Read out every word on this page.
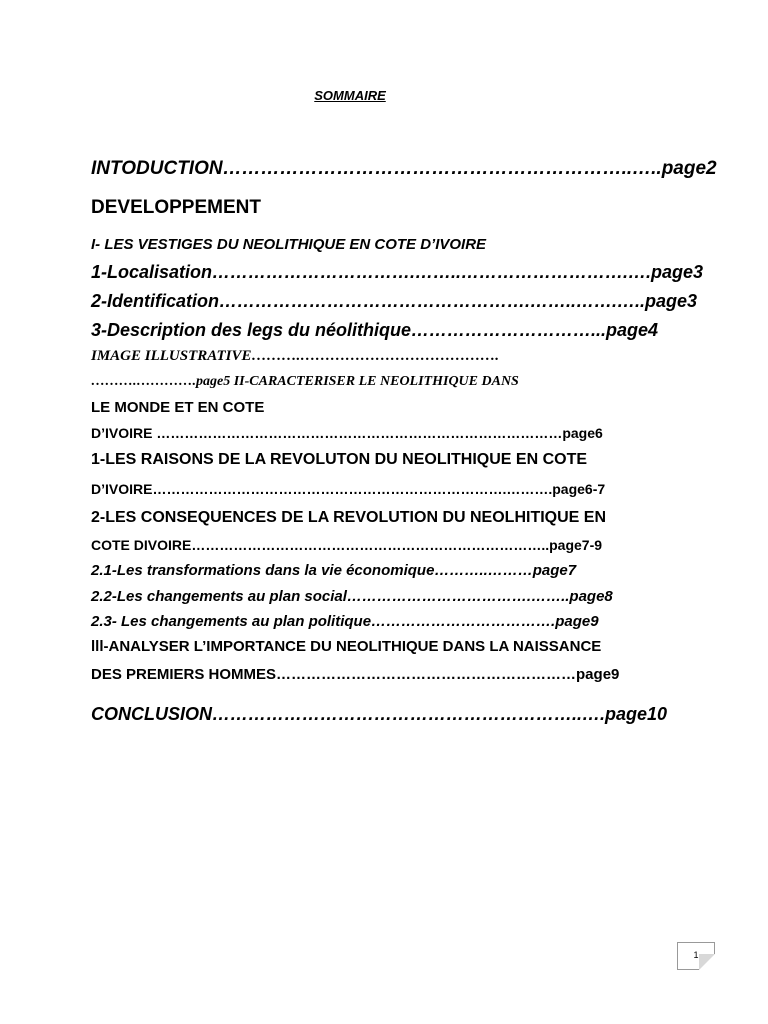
SOMMAIRE
INTODUCTION………………………………………………………..…..page2
DEVELOPPEMENT
I- LES VESTIGES DU NEOLITHIQUE EN COTE D’IVOIRE
1-Localisation…………………………….……..……………………….….page3
2-Identification…………………………………………….……..…….…..page3
3-Description des legs du néolithique…………………………...page4
IMAGE ILLUSTRATIVE……….………………………………….
……….………….page5 II-CARACTERISER LE NEOLITHIQUE DANS
LE MONDE ET EN COTE
D’IVOIRE ……………………………………………………………………………page6
1-LES RAISONS DE LA REVOLUTON DU NEOLITHIQUE EN COTE
D’IVOIRE………………………………………………………………….……….page6-7
2-LES CONSEQUENCES DE LA REVOLUTION DU NEOLHITIQUE EN
COTE DIVOIRE…………………………………………………………………..page7-9
2.1-Les transformations dans la vie économique………..………page7
2.2-Les changements au plan social……………………………….……..page8
2.3- Les changements au plan politique……………………………….page9
lll-ANALYSER L’IMPORTANCE DU NEOLITHIQUE DANS LA NAISSANCE
DES PREMIERS HOMMES……………………………………………………page9
CONCLUSION……………………………………………………..….page10
1
